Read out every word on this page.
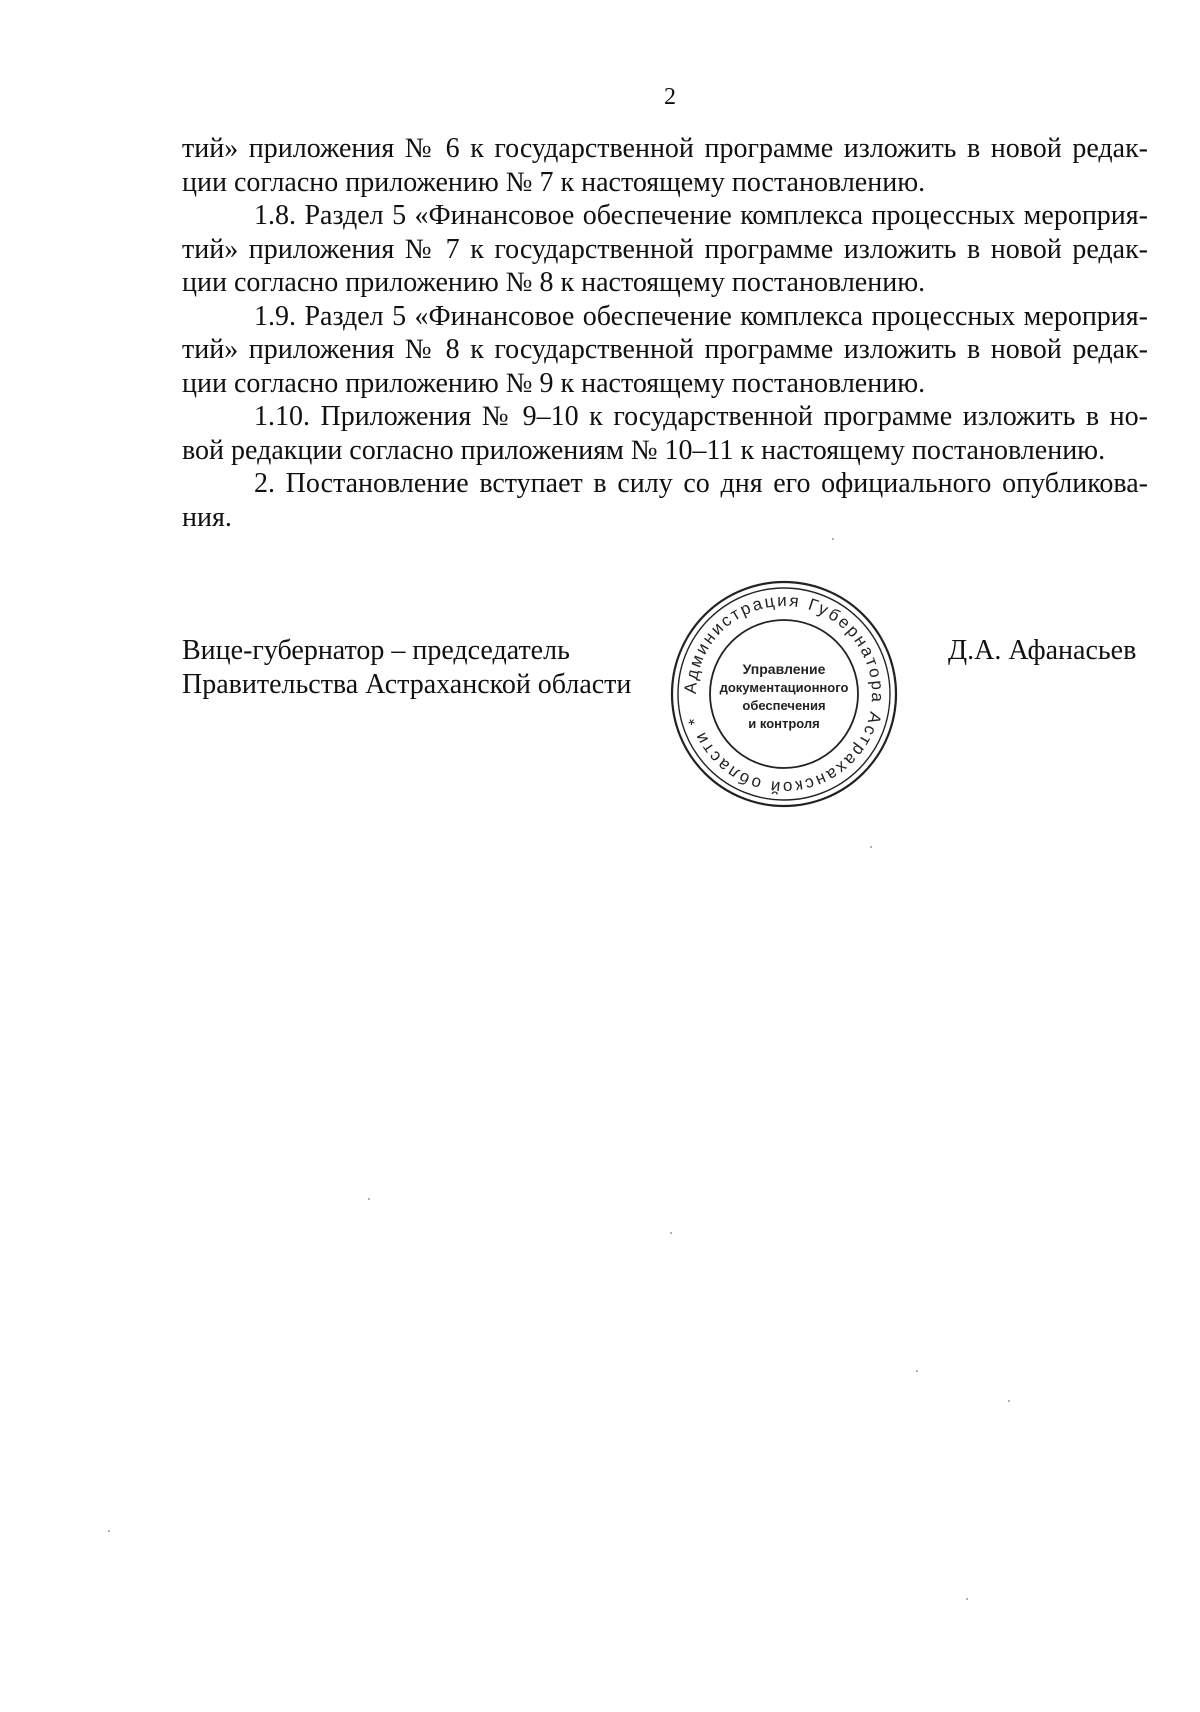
2
тий» приложения № 6 к государственной программе изложить в новой редак-
ции согласно приложению № 7 к настоящему постановлению.
1.8. Раздел 5 «Финансовое обеспечение комплекса процессных мероприя-
тий» приложения № 7 к государственной программе изложить в новой редак-
ции согласно приложению № 8 к настоящему постановлению.
1.9. Раздел 5 «Финансовое обеспечение комплекса процессных мероприя-
тий» приложения № 8 к государственной программе изложить в новой редак-
ции согласно приложению № 9 к настоящему постановлению.
1.10. Приложения № 9–10 к государственной программе изложить в но-
вой редакции согласно приложениям № 10–11 к настоящему постановлению.
2. Постановление вступает в силу со дня его официального опубликова-
ния.
Вице-губернатор – председатель
Правительства Астраханской области	Администрация Губернатора Астраханской области *
Управление
документационного
обеспечения
и контроля
Д.А. Афанасьев
